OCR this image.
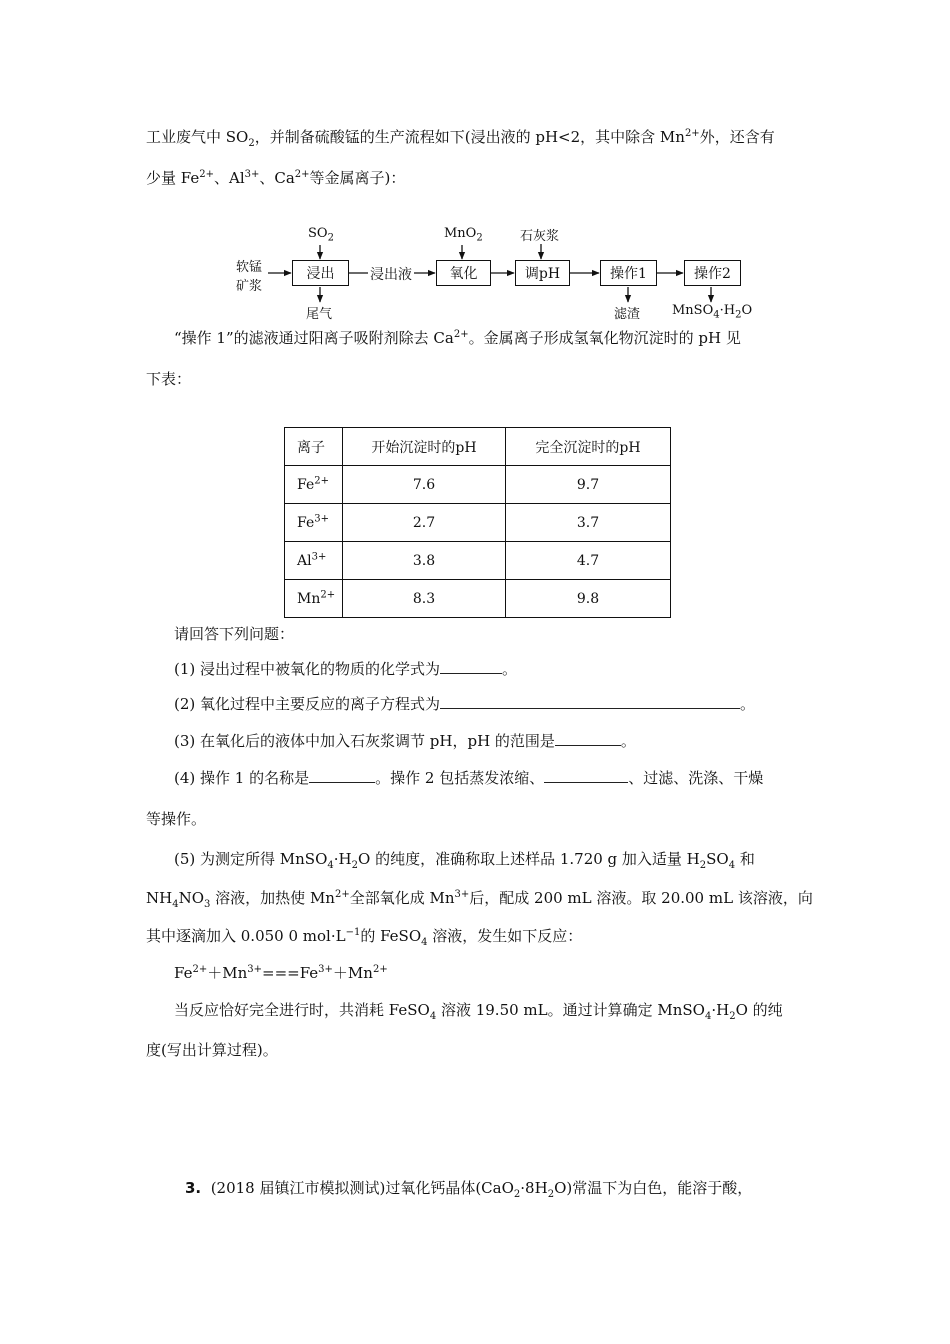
工业废气中 $SO_2$，并制备硫酸锰的生产流程如下(浸出液的 pH<2，其中除含 $Mn^{2+}$外，还含有
少量 $Fe^{2+}$、$Al^{3+}$、$Ca^{2+}$等金属离子)：
软锰
矿浆
浸出
$SO_2$
尾气
浸出液	氧化
MnO$_2$
调pH
石灰浆
操作1
滤渣
操作2
$MnSO_4\cdot H_2O$
“操作 1”的滤液通过阳离子吸附剂除去 $Ca^{2+}$。金属离子形成氢氧化物沉淀时的 pH 见
下表：
离子	开始沉淀时的pH	完全沉淀时的pH
$Fe^{2+}$	7.6	9.7
$Fe^{3+}$	2.7	3.7
$Al^{3+}$	3.8	4.7
$Mn^{2+}$	8.3	9.8
请回答下列问题：
(1) 浸出过程中被氧化的物质的化学式为	。
(2) 氧化过程中主要反应的离子方程式为	。
(3) 在氧化后的液体中加入石灰浆调节 pH，pH 的范围是	。
(4) 操作 1 的名称是	。操作 2 包括蒸发浓缩、	、过滤、洗涤、干燥
等操作。
(5) 为测定所得 $MnSO_4\cdot H_2O$ 的纯度，准确称取上述样品 1.720 g 加入适量 $H_2SO_4$ 和
$NH_4NO_3$ 溶液，加热使 $Mn^{2+}$全部氧化成 $Mn^{3+}$后，配成 200 mL 溶液。取 20.00 mL 该溶液，向
其中逐滴加入 0.050 0 $mol\cdot L^{-1}$的 FeSO$_4$ 溶液，发生如下反应：
$Fe^{2+}+Mn^{3+}===Fe^{3+}+Mn^{2+}$
当反应恰好完全进行时，共消耗 FeSO$_4$ 溶液 19.50 mL。通过计算确定 $MnSO_4\cdot H_2O$ 的纯
度(写出计算过程)。
3. (2018 届镇江市模拟测试)过氧化钙晶体$(CaO_2\cdot 8H_2O)$常温下为白色，能溶于酸，
